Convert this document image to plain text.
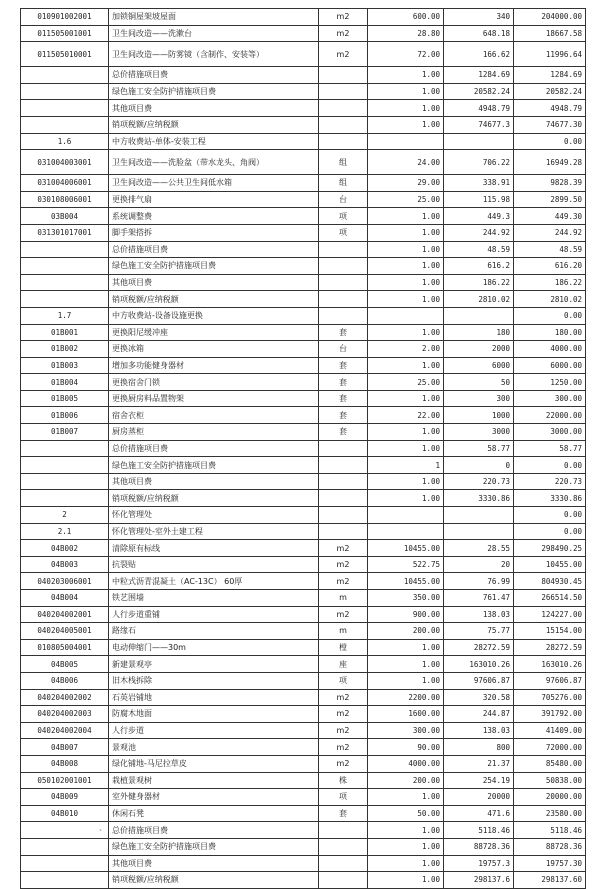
010901002001	加锁铜屋架坡屋面	m2	600.00	340	204000.00
011505001001	卫生间改造——洗漱台	m2	28.80	648.18	18667.58
011505010001	卫生间改造——防雾镜（含制作、安装等）	m2	72.00	166.62	11996.64
	总价措施项目费		1.00	1284.69	1284.69
	绿色施工安全防护措施项目费		1.00	20582.24	20582.24
	其他项目费		1.00	4948.79	4948.79
	销项税额/应纳税额		1.00	74677.3	74677.30
1.6	中方收费站-单体-安装工程				0.00
031004003001	卫生间改造——洗脸盆（带水龙头、角阀）	组	24.00	706.22	16949.28
031004006001	卫生间改造——公共卫生间低水箱	组	29.00	338.91	9828.39
030108006001	更换排气扇	台	25.00	115.98	2899.50
03B004	系统调整费	项	1.00	449.3	449.30
031301017001	脚手架搭拆	项	1.00	244.92	244.92
	总价措施项目费		1.00	48.59	48.59
	绿色施工安全防护措施项目费		1.00	616.2	616.20
	其他项目费		1.00	186.22	186.22
	销项税额/应纳税额		1.00	2810.02	2810.02
1.7	中方收费站-设备设施更换				0.00
01B001	更换阳尼缓冲座	套	1.00	180	180.00
01B002	更换冰箱	台	2.00	2000	4000.00
01B003	增加多功能健身器材	套	1.00	6000	6000.00
01B004	更换宿舍门锁	套	25.00	50	1250.00
01B005	更换厨房料品置物架	套	1.00	300	300.00
01B006	宿舍衣柜	套	22.00	1000	22000.00
01B007	厨房蒸柜	套	1.00	3000	3000.00
	总价措施项目费		1.00	58.77	58.77
	绿色施工安全防护措施项目费		1	0	0.00
	其他项目费		1.00	220.73	220.73
	销项税额/应纳税额		1.00	3330.86	3330.86
2	怀化管理处				0.00
2.1	怀化管理处-室外土建工程				0.00
04B002	清除原有标线	m2	10455.00	28.55	298490.25
04B003	抗裂贴	m2	522.75	20	10455.00
040203006001	中粒式沥青混凝土（AC-13C） 60厚	m2	10455.00	76.99	804930.45
04B004	铁艺围墙	m	350.00	761.47	266514.50
040204002001	人行步道重铺	m2	900.00	138.03	124227.00
040204005001	路缘石	m	200.00	75.77	15154.00
010805004001	电动伸缩门——30m	樘	1.00	28272.59	28272.59
04B005	新建景观亭	座	1.00	163010.26	163010.26
04B006	旧木栈拆除	项	1.00	97606.87	97606.87
040204002002	石英岩铺地	m2	2200.00	320.58	705276.00
040204002003	防腐木地面	m2	1600.00	244.87	391792.00
040204002004	人行步道	m2	300.00	138.03	41409.00
04B007	景观池	m2	90.00	800	72000.00
04B008	绿化铺地-马尼拉草皮	m2	4000.00	21.37	85480.00
050102001001	栽植景观树	株	200.00	254.19	50838.00
04B009	室外健身器材	项	1.00	20000	20000.00
04B010	休闲石凳	套	50.00	471.6	23580.00
	总价措施项目费		1.00	5118.46	5118.46
	绿色施工安全防护措施项目费		1.00	88728.36	88728.36
	其他项目费		1.00	19757.3	19757.30
	销项税额/应纳税额		1.00	298137.6	298137.60
、
